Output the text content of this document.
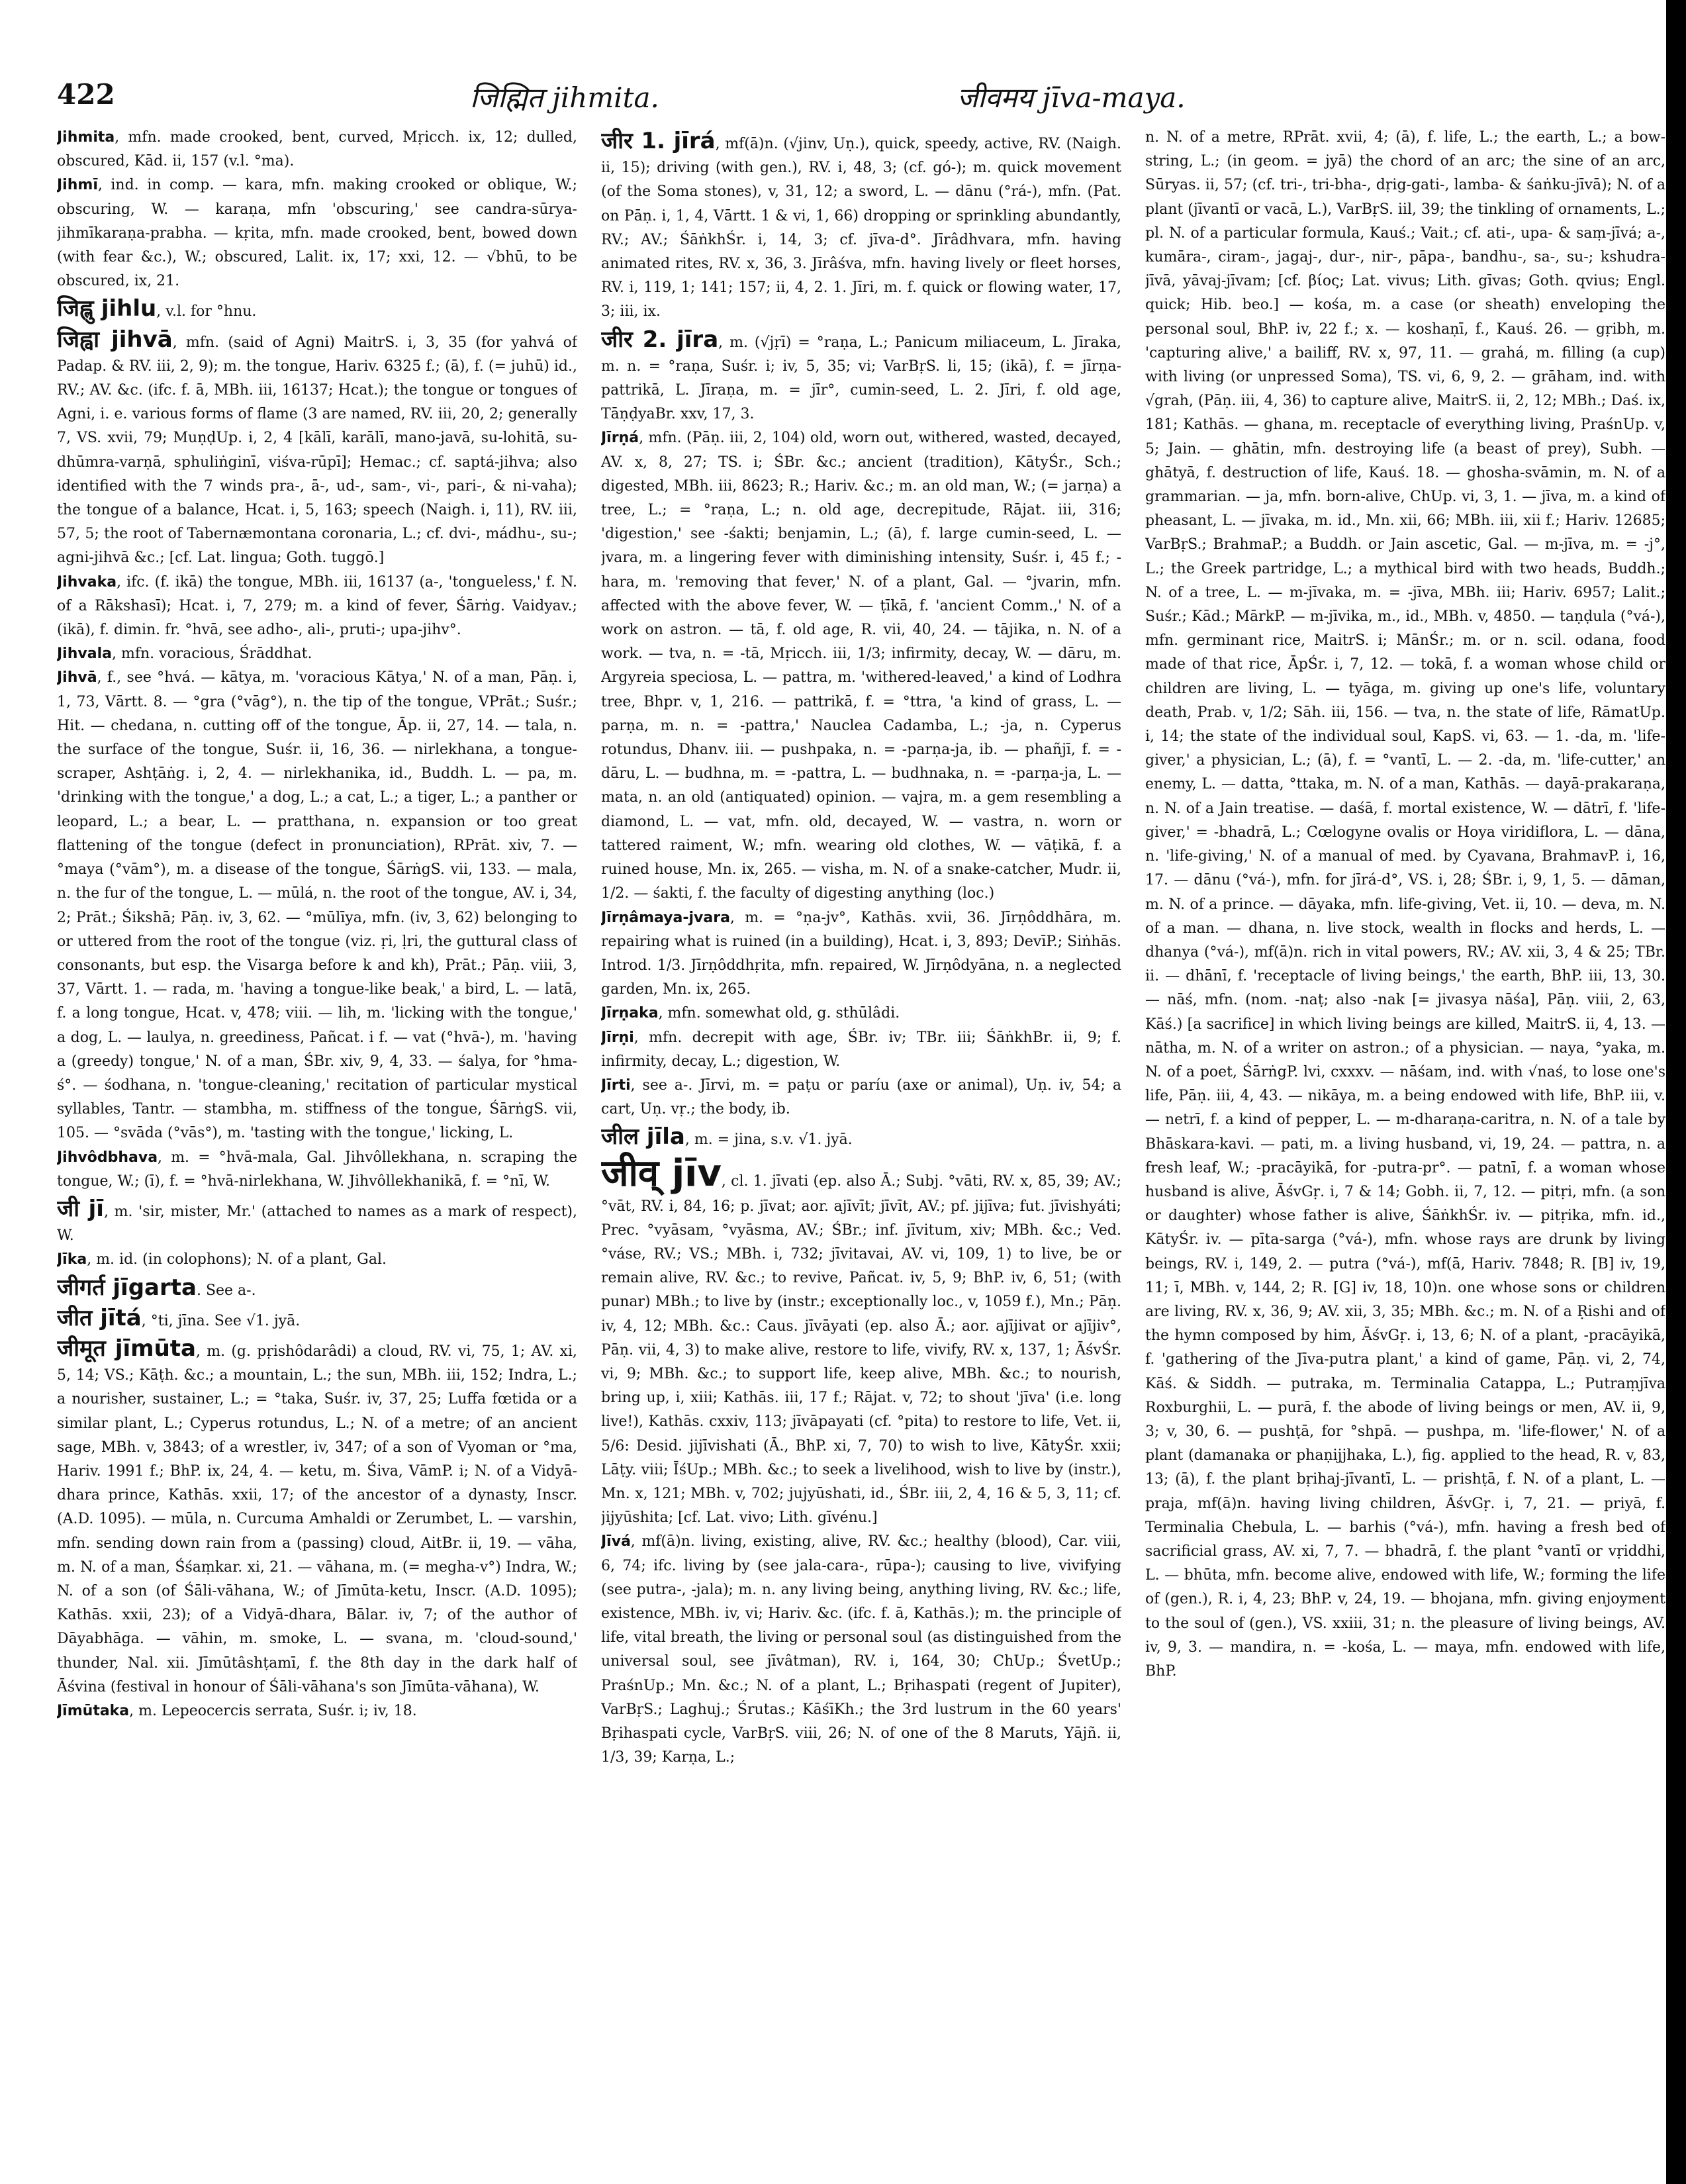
422	जिह्मित jihmita.	जीवमय jīva-maya.

Jihmita, mfn. made crooked, bent, curved, Mṛicch. ix, 12; dulled, obscured, Kād. ii, 157 (v.l. °ma).

Jihmī, ind. in comp. — kara, mfn. making crooked or oblique, W.; obscuring, W. — karaṇa, mfn 'obscuring,' see candra-sūrya-jihmīkaraṇa-prabha. — kṛita, mfn. made crooked, bent, bowed down (with fear &c.), W.; obscured, Lalit. ix, 17; xxi, 12. — √bhū, to be obscured, ix, 21.

जिह्लु jihlu, v.l. for °hnu.

जिह्वा jihvā, mfn. (said of Agni) MaitrS. i, 3, 35 (for yahvá of Padap. & RV. iii, 2, 9); m. the tongue, Hariv. 6325 f.; (ā), f. (= juhū) id., RV.; AV. &c. (ifc. f. ā, MBh. iii, 16137; Hcat.); the tongue or tongues of Agni, i. e. various forms of flame (3 are named, RV. iii, 20, 2; generally 7, VS. xvii, 79; MuṇḍUp. i, 2, 4 [kālī, karālī, mano-javā, su-lohitā, su-dhūmra-varṇā, sphuliṅginī, viśva-rūpī]; Hemac.; cf. saptá-jihva; also identified with the 7 winds pra-, ā-, ud-, sam-, vi-, pari-, & ni-vaha); the tongue of a balance, Hcat. i, 5, 163; speech (Naigh. i, 11), RV. iii, 57, 5; the root of Tabernæmontana coronaria, L.; cf. dvi-, mádhu-, su-; agni-jihvā &c.; [cf. Lat. lingua; Goth. tuggō.]

Jihvaka, ifc. (f. ikā) the tongue, MBh. iii, 16137 (a-, 'tongueless,' f. N. of a Rākshasī); Hcat. i, 7, 279; m. a kind of fever, Śārṅg. Vaidyav.; (ikā), f. dimin. fr. °hvā, see adho-, ali-, pruti-; upa-jihv°.

Jihvala, mfn. voracious, Śrāddhat.

Jihvā, f., see °hvá. — kātya, m. 'voracious Kātya,' N. of a man, Pāṇ. i, 1, 73, Vārtt. 8. — °gra (°vāg°), n. the tip of the tongue, VPrāt.; Suśr.; Hit. — chedana, n. cutting off of the tongue, Āp. ii, 27, 14. — tala, n. the surface of the tongue, Suśr. ii, 16, 36. — nirlekhana, a tongue-scraper, Ashṭāṅg. i, 2, 4. — nirlekhanika, id., Buddh. L. — pa, m. 'drinking with the tongue,' a dog, L.; a cat, L.; a tiger, L.; a panther or leopard, L.; a bear, L. — pratthana, n. expansion or too great flattening of the tongue (defect in pronunciation), RPrāt. xiv, 7. — °maya (°vām°), m. a disease of the tongue, ŚārṅgS. vii, 133. — mala, n. the fur of the tongue, L. — mūlá, n. the root of the tongue, AV. i, 34, 2; Prāt.; Śikshā; Pāṇ. iv, 3, 62. — °mūlīya, mfn. (iv, 3, 62) belonging to or uttered from the root of the tongue (viz. ṛi, ḷri, the guttural class of consonants, but esp. the Visarga before k and kh), Prāt.; Pāṇ. viii, 3, 37, Vārtt. 1. — rada, m. 'having a tongue-like beak,' a bird, L. — latā, f. a long tongue, Hcat. v, 478; viii. — lih, m. 'licking with the tongue,' a dog, L. — laulya, n. greediness, Pañcat. i f. — vat (°hvā-), m. 'having a (greedy) tongue,' N. of a man, ŚBr. xiv, 9, 4, 33. — śalya, for °hma-ś°. — śodhana, n. 'tongue-cleaning,' recitation of particular mystical syllables, Tantr. — stambha, m. stiffness of the tongue, ŚārṅgS. vii, 105. — °svāda (°vās°), m. 'tasting with the tongue,' licking, L.

Jihvôdbhava, m. = °hvā-mala, Gal. Jihvôllekhana, n. scraping the tongue, W.; (ī), f. = °hvā-nirlekhana, W. Jihvôllekhanikā, f. = °nī, W.

जी jī, m. 'sir, mister, Mr.' (attached to names as a mark of respect), W.

Jīka, m. id. (in colophons); N. of a plant, Gal.

जीगर्त jīgarta. See a-.

जीत jītá, °ti, jīna. See √1. jyā.

जीमूत jīmūta, m. (g. pṛishôdarâdi) a cloud, RV. vi, 75, 1; AV. xi, 5, 14; VS.; Kāṭh. &c.; a mountain, L.; the sun, MBh. iii, 152; Indra, L.; a nourisher, sustainer, L.; = °taka, Suśr. iv, 37, 25; Luffa fœtida or a similar plant, L.; Cyperus rotundus, L.; N. of a metre; of an ancient sage, MBh. v, 3843; of a wrestler, iv, 347; of a son of Vyoman or °ma, Hariv. 1991 f.; BhP. ix, 24, 4. — ketu, m. Śiva, VāmP. i; N. of a Vidyā-dhara prince, Kathās. xxii, 17; of the ancestor of a dynasty, Inscr. (A.D. 1095). — mūla, n. Curcuma Amhaldi or Zerumbet, L. — varshin, mfn. sending down rain from a (passing) cloud, AitBr. ii, 19. — vāha, m. N. of a man, Śśaṃkar. xi, 21. — vāhana, m. (= megha-v°) Indra, W.; N. of a son (of Śāli-vāhana, W.; of Jīmūta-ketu, Inscr. (A.D. 1095); Kathās. xxii, 23); of a Vidyā-dhara, Bālar. iv, 7; of the author of Dāyabhāga. — vāhin, m. smoke, L. — svana, m. 'cloud-sound,' thunder, Nal. xii. Jīmūtâshṭamī, f. the 8th day in the dark half of Āśvina (festival in honour of Śāli-vāhana's son Jīmūta-vāhana), W.

Jīmūtaka, m. Lepeocercis serrata, Suśr. i; iv, 18.

जीर 1. jīrá, mf(ā)n. (√jinv, Uṇ.), quick, speedy, active, RV. (Naigh. ii, 15); driving (with gen.), RV. i, 48, 3; (cf. gó-); m. quick movement (of the Soma stones), v, 31, 12; a sword, L. — dānu (°rá-), mfn. (Pat. on Pāṇ. i, 1, 4, Vārtt. 1 & vi, 1, 66) dropping or sprinkling abundantly, RV.; AV.; ŚāṅkhŚr. i, 14, 3; cf. jīva-d°. Jīrâdhvara, mfn. having animated rites, RV. x, 36, 3. Jīrâśva, mfn. having lively or fleet horses, RV. i, 119, 1; 141; 157; ii, 4, 2. 1. Jīri, m. f. quick or flowing water, 17, 3; iii, ix.

जीर 2. jīra, m. (√jṛī) = °raṇa, L.; Panicum miliaceum, L. Jīraka, m. n. = °raṇa, Suśr. i; iv, 5, 35; vi; VarBṛS. li, 15; (ikā), f. = jīrṇa-pattrikā, L. Jīraṇa, m. = jīr°, cumin-seed, L. 2. Jīri, f. old age, TāṇḍyaBr. xxv, 17, 3.

Jīrṇá, mfn. (Pāṇ. iii, 2, 104) old, worn out, withered, wasted, decayed, AV. x, 8, 27; TS. i; ŚBr. &c.; ancient (tradition), KātyŚr., Sch.; digested, MBh. iii, 8623; R.; Hariv. &c.; m. an old man, W.; (= jarṇa) a tree, L.; = °raṇa, L.; n. old age, decrepitude, Rājat. iii, 316; 'digestion,' see -śakti; benjamin, L.; (ā), f. large cumin-seed, L. — jvara, m. a lingering fever with diminishing intensity, Suśr. i, 45 f.; -hara, m. 'removing that fever,' N. of a plant, Gal. — °jvarin, mfn. affected with the above fever, W. — ṭīkā, f. 'ancient Comm.,' N. of a work on astron. — tā, f. old age, R. vii, 40, 24. — tājika, n. N. of a work. — tva, n. = -tā, Mṛicch. iii, 1/3; infirmity, decay, W. — dāru, m. Argyreia speciosa, L. — pattra, m. 'withered-leaved,' a kind of Lodhra tree, Bhpr. v, 1, 216. — pattrikā, f. = °ttra, 'a kind of grass, L. — parṇa, m. n. = -pattra,' Nauclea Cadamba, L.; -ja, n. Cyperus rotundus, Dhanv. iii. — pushpaka, n. = -parṇa-ja, ib. — phañjī, f. = -dāru, L. — budhna, m. = -pattra, L. — budhnaka, n. = -parṇa-ja, L. — mata, n. an old (antiquated) opinion. — vajra, m. a gem resembling a diamond, L. — vat, mfn. old, decayed, W. — vastra, n. worn or tattered raiment, W.; mfn. wearing old clothes, W. — vāṭikā, f. a ruined house, Mn. ix, 265. — visha, m. N. of a snake-catcher, Mudr. ii, 1/2. — śakti, f. the faculty of digesting anything (loc.)

Jīrṇâmaya-jvara, m. = °ṇa-jv°, Kathās. xvii, 36. Jīrṇôddhāra, m. repairing what is ruined (in a building), Hcat. i, 3, 893; DevīP.; Siṅhās. Introd. 1/3. Jīrṇôddhṛita, mfn. repaired, W. Jīrṇôdyāna, n. a neglected garden, Mn. ix, 265.

Jīrṇaka, mfn. somewhat old, g. sthūlâdi.

Jīrṇi, mfn. decrepit with age, ŚBr. iv; TBr. iii; ŚāṅkhBr. ii, 9; f. infirmity, decay, L.; digestion, W.

Jīrti, see a-. Jīrvi, m. = paṭu or paríu (axe or animal), Uṇ. iv, 54; a cart, Uṇ. vṛ.; the body, ib.

जील jīla, m. = jina, s.v. √1. jyā.

जीव् jīv, cl. 1. jīvati (ep. also Ā.; Subj. °vāti, RV. x, 85, 39; AV.; °vāt, RV. i, 84, 16; p. jīvat; aor. ajīvīt; jīvīt, AV.; pf. jijīva; fut. jīvishyáti; Prec. °vyāsam, °vyāsma, AV.; ŚBr.; inf. jīvitum, xiv; MBh. &c.; Ved. °váse, RV.; VS.; MBh. i, 732; jīvitavai, AV. vi, 109, 1) to live, be or remain alive, RV. &c.; to revive, Pañcat. iv, 5, 9; BhP. iv, 6, 51; (with punar) MBh.; to live by (instr.; exceptionally loc., v, 1059 f.), Mn.; Pāṇ. iv, 4, 12; MBh. &c.: Caus. jīvāyati (ep. also Ā.; aor. ajījivat or ajījiv°, Pāṇ. vii, 4, 3) to make alive, restore to life, vivify, RV. x, 137, 1; ĀśvŚr. vi, 9; MBh. &c.; to support life, keep alive, MBh. &c.; to nourish, bring up, i, xiii; Kathās. iii, 17 f.; Rājat. v, 72; to shout 'jīva' (i.e. long live!), Kathās. cxxiv, 113; jīvāpayati (cf. °pita) to restore to life, Vet. ii, 5/6: Desid. jijīvishati (Ā., BhP. xi, 7, 70) to wish to live, KātyŚr. xxii; Lāṭy. viii; ĪśUp.; MBh. &c.; to seek a livelihood, wish to live by (instr.), Mn. x, 121; MBh. v, 702; jujyūshati, id., ŚBr. iii, 2, 4, 16 & 5, 3, 11; cf. jijyūshita; [cf. Lat. vivo; Lith. gīvénu.]

Jīvá, mf(ā)n. living, existing, alive, RV. &c.; healthy (blood), Car. viii, 6, 74; ifc. living by (see jala-cara-, rūpa-); causing to live, vivifying (see putra-, -jala); m. n. any living being, anything living, RV. &c.; life, existence, MBh. iv, vi; Hariv. &c. (ifc. f. ā, Kathās.); m. the principle of life, vital breath, the living or personal soul (as distinguished from the universal soul, see jīvâtman), RV. i, 164, 30; ChUp.; ŚvetUp.; PraśnUp.; Mn. &c.; N. of a plant, L.; Bṛihaspati (regent of Jupiter), VarBṛS.; Laghuj.; Śrutas.; KāśīKh.; the 3rd lustrum in the 60 years' Bṛihaspati cycle, VarBṛS. viii, 26; N. of one of the 8 Maruts, Yājñ. ii, 1/3, 39; Karṇa, L.;

n. N. of a metre, RPrāt. xvii, 4; (ā), f. life, L.; the earth, L.; a bow-string, L.; (in geom. = jyā) the chord of an arc; the sine of an arc, Sūryas. ii, 57; (cf. tri-, tri-bha-, dṛig-gati-, lamba- & śaṅku-jīvā); N. of a plant (jīvantī or vacā, L.), VarBṛS. iil, 39; the tinkling of ornaments, L.; pl. N. of a particular formula, Kauś.; Vait.; cf. ati-, upa- & saṃ-jīvá; a-, kumāra-, ciram-, jagaj-, dur-, nir-, pāpa-, bandhu-, sa-, su-; kshudra-jīvā, yāvaj-jīvam; [cf. βίος; Lat. vivus; Lith. gīvas; Goth. qvius; Engl. quick; Hib. beo.] — kośa, m. a case (or sheath) enveloping the personal soul, BhP. iv, 22 f.; x. — koshaṇī, f., Kauś. 26. — gṛibh, m. 'capturing alive,' a bailiff, RV. x, 97, 11. — grahá, m. filling (a cup) with living (or unpressed Soma), TS. vi, 6, 9, 2. — grāham, ind. with √grah, (Pāṇ. iii, 4, 36) to capture alive, MaitrS. ii, 2, 12; MBh.; Daś. ix, 181; Kathās. — ghana, m. receptacle of everything living, PraśnUp. v, 5; Jain. — ghātin, mfn. destroying life (a beast of prey), Subh. — ghātyā, f. destruction of life, Kauś. 18. — ghosha-svāmin, m. N. of a grammarian. — ja, mfn. born-alive, ChUp. vi, 3, 1. — jīva, m. a kind of pheasant, L. — jīvaka, m. id., Mn. xii, 66; MBh. iii, xii f.; Hariv. 12685; VarBṛS.; BrahmaP.; a Buddh. or Jain ascetic, Gal. — m-jīva, m. = -j°, L.; the Greek partridge, L.; a mythical bird with two heads, Buddh.; N. of a tree, L. — m-jīvaka, m. = -jīva, MBh. iii; Hariv. 6957; Lalit.; Suśr.; Kād.; MārkP. — m-jīvika, m., id., MBh. v, 4850. — taṇḍula (°vá-), mfn. germinant rice, MaitrS. i; MānŚr.; m. or n. scil. odana, food made of that rice, ĀpŚr. i, 7, 12. — tokā, f. a woman whose child or children are living, L. — tyāga, m. giving up one's life, voluntary death, Prab. v, 1/2; Sāh. iii, 156. — tva, n. the state of life, RāmatUp. i, 14; the state of the individual soul, KapS. vi, 63. — 1. -da, m. 'life-giver,' a physician, L.; (ā), f. = °vantī, L. — 2. -da, m. 'life-cutter,' an enemy, L. — datta, °ttaka, m. N. of a man, Kathās. — dayā-prakaraṇa, n. N. of a Jain treatise. — daśā, f. mortal existence, W. — dātrī, f. 'life-giver,' = -bhadrā, L.; Cœlogyne ovalis or Hoya viridiflora, L. — dāna, n. 'life-giving,' N. of a manual of med. by Cyavana, BrahmavP. i, 16, 17. — dānu (°vá-), mfn. for jīrá-d°, VS. i, 28; ŚBr. i, 9, 1, 5. — dāman, m. N. of a prince. — dāyaka, mfn. life-giving, Vet. ii, 10. — deva, m. N. of a man. — dhana, n. live stock, wealth in flocks and herds, L. — dhanya (°vá-), mf(ā)n. rich in vital powers, RV.; AV. xii, 3, 4 & 25; TBr. ii. — dhānī, f. 'receptacle of living beings,' the earth, BhP. iii, 13, 30. — nāś, mfn. (nom. -naṭ; also -nak [= jivasya nāśa], Pāṇ. viii, 2, 63, Kāś.) [a sacrifice] in which living beings are killed, MaitrS. ii, 4, 13. — nātha, m. N. of a writer on astron.; of a physician. — naya, °yaka, m. N. of a poet, ŚārṅgP. lvi, cxxxv. — nāśam, ind. with √naś, to lose one's life, Pāṇ. iii, 4, 43. — nikāya, m. a being endowed with life, BhP. iii, v. — netrī, f. a kind of pepper, L. — m-dharaṇa-caritra, n. N. of a tale by Bhāskara-kavi. — pati, m. a living husband, vi, 19, 24. — pattra, n. a fresh leaf, W.; -pracāyikā, for -putra-pr°. — patnī, f. a woman whose husband is alive, ĀśvGṛ. i, 7 & 14; Gobh. ii, 7, 12. — pitṛi, mfn. (a son or daughter) whose father is alive, ŚāṅkhŚr. iv. — pitṛika, mfn. id., KātyŚr. iv. — pīta-sarga (°vá-), mfn. whose rays are drunk by living beings, RV. i, 149, 2. — putra (°vá-), mf(ā, Hariv. 7848; R. [B] iv, 19, 11; ī, MBh. v, 144, 2; R. [G] iv, 18, 10)n. one whose sons or children are living, RV. x, 36, 9; AV. xii, 3, 35; MBh. &c.; m. N. of a Ṛishi and of the hymn composed by him, ĀśvGṛ. i, 13, 6; N. of a plant, -pracāyikā, f. 'gathering of the Jīva-putra plant,' a kind of game, Pāṇ. vi, 2, 74, Kāś. & Siddh. — putraka, m. Terminalia Catappa, L.; Putraṃjīva Roxburghii, L. — purā, f. the abode of living beings or men, AV. ii, 9, 3; v, 30, 6. — pushṭā, for °shpā. — pushpa, m. 'life-flower,' N. of a plant (damanaka or phaṇijjhaka, L.), fig. applied to the head, R. v, 83, 13; (ā), f. the plant bṛihaj-jīvantī, L. — prishṭā, f. N. of a plant, L. — praja, mf(ā)n. having living children, ĀśvGṛ. i, 7, 21. — priyā, f. Terminalia Chebula, L. — barhis (°vá-), mfn. having a fresh bed of sacrificial grass, AV. xi, 7, 7. — bhadrā, f. the plant °vantī or vṛiddhi, L. — bhūta, mfn. become alive, endowed with life, W.; forming the life of (gen.), R. i, 4, 23; BhP. v, 24, 19. — bhojana, mfn. giving enjoyment to the soul of (gen.), VS. xxiii, 31; n. the pleasure of living beings, AV. iv, 9, 3. — mandira, n. = -kośa, L. — maya, mfn. endowed with life, BhP.
